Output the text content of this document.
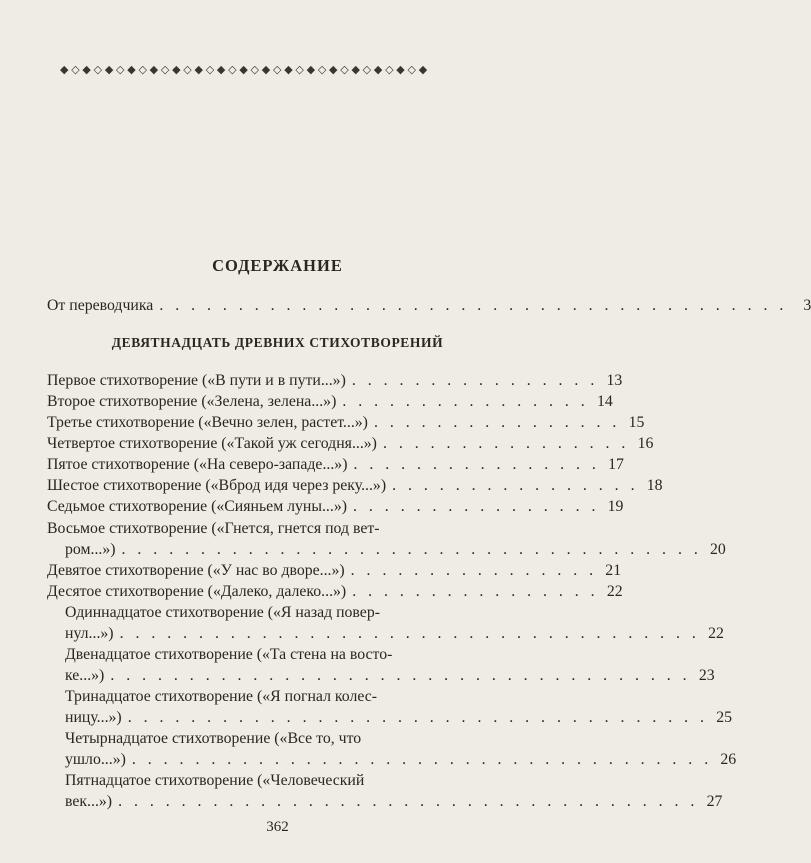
◆ ◇ ◆ ◇ ◆ ◇ ◆ ◇ ◆ ◇ ◆ ◇ ◆ ◇ ◆ ◇ ◆ ◇ ◆ ◇ ◆ ◇ ◆ ◇ ◆ ◇ ◆ ◇ ◆ ◇ ◆ ◇ ◆
СОДЕРЖАНИЕ
От переводчика . . . . . . . . . . . . . . . . . . . . . . . . . . . . . . . . . . . . . . . .	3
ДЕВЯТНАДЦАТЬ ДРЕВНИХ СТИХОТВОРЕНИЙ
Первое стихотворение («В пути и в пути...») . . . . . . . . . . . . . . . . 13
Второе стихотворение («Зелена, зелена...») . . . . . . . . . . . . . . . . 14
Третье стихотворение («Вечно зелен, растет...») . . . . . . . . . . . . . . . . 15
Четвертое стихотворение («Такой уж сегодня...») . . . . . . . . . . . . . . . . 16
Пятое стихотворение («На северо-западе...») . . . . . . . . . . . . . . . . 17
Шестое стихотворение («Вброд идя через реку...») . . . . . . . . . . . . . . . . 18
Седьмое стихотворение («Сияньем луны...») . . . . . . . . . . . . . . . . 19
Восьмое стихотворение («Гнется, гнется под вет-
ром...») . . . . . . . . . . . . . . . . . . . . . . . . . . . . . . . . . . . . . 20
Девятое стихотворение («У нас во дворе...») . . . . . . . . . . . . . . . . 21
Десятое стихотворение («Далеко, далеко...») . . . . . . . . . . . . . . . . 22
Одиннадцатое стихотворение («Я назад повер-
нул...») . . . . . . . . . . . . . . . . . . . . . . . . . . . . . . . . . . . . . 22
Двенадцатое стихотворение («Та стена на восто-
ке...») . . . . . . . . . . . . . . . . . . . . . . . . . . . . . . . . . . . . . 23
Тринадцатое стихотворение («Я погнал колес-
ницу...») . . . . . . . . . . . . . . . . . . . . . . . . . . . . . . . . . . . . . 25
Четырнадцатое стихотворение («Все то, что
ушло...») . . . . . . . . . . . . . . . . . . . . . . . . . . . . . . . . . . . . . 26
Пятнадцатое стихотворение («Человеческий
век...») . . . . . . . . . . . . . . . . . . . . . . . . . . . . . . . . . . . . . 27
362
